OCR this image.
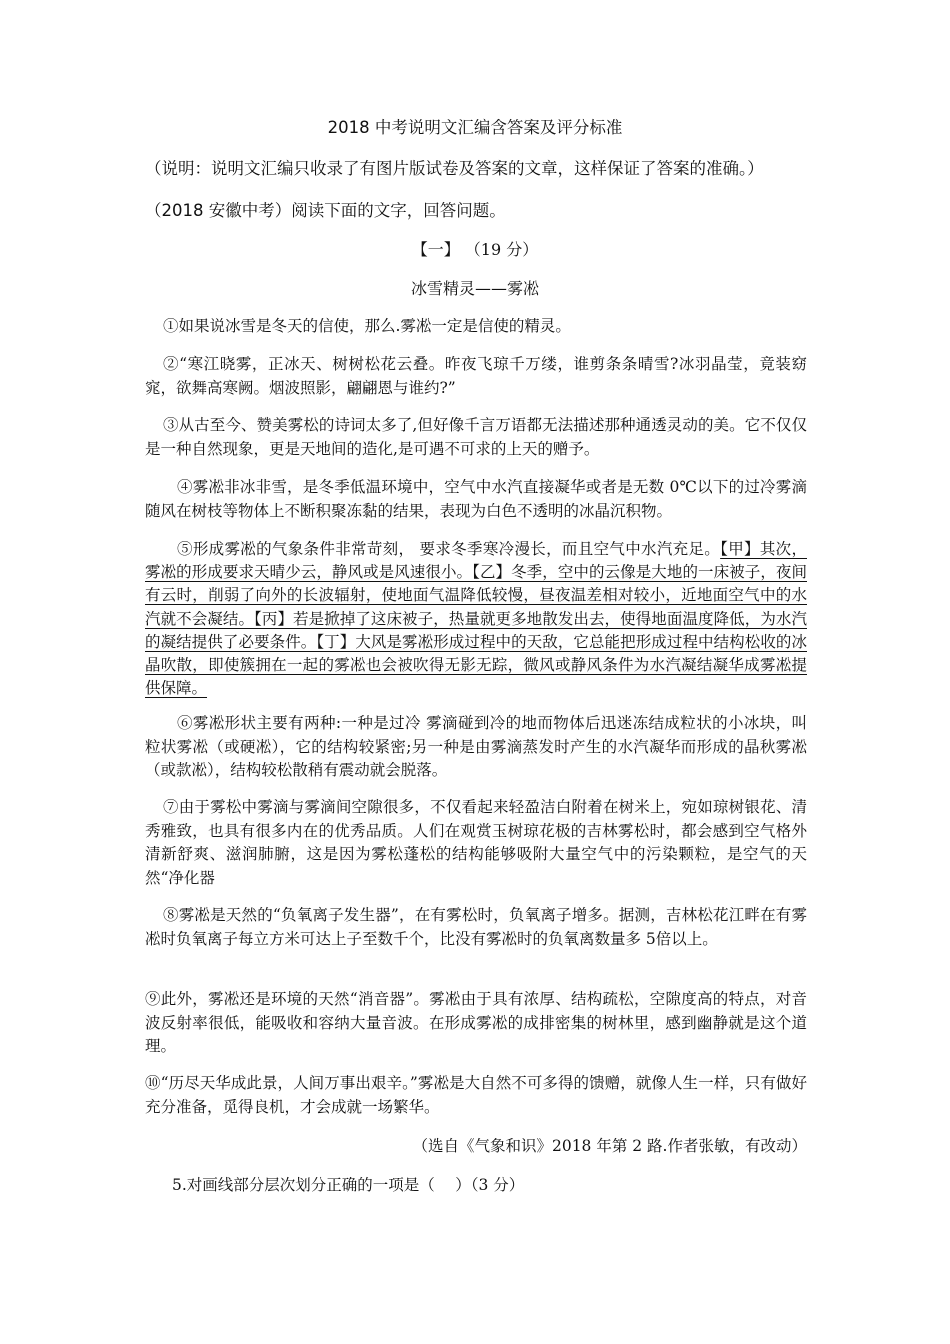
2018 中考说明文汇编含答案及评分标准
（说明：说明文汇编只收录了有图片版试卷及答案的文章，这样保证了答案的准确。）
（2018 安徽中考）阅读下面的文字，回答问题。
【一】 （19 分）
冰雪精灵——雾凇
①如果说冰雪是冬天的信使，那么.雾凇一定是信使的精灵。
②“寒江晓雾，正冰天、树树松花云叠。昨夜飞琼千万缕，谁剪条条晴雪?冰羽晶莹，竟装窈窕，欲舞高寒阙。烟波照影，翩翩恩与谁约?”
③从古至今、赞美雾松的诗词太多了,但好像千言万语都无法描述那种通透灵动的美。它不仅仅是一种自然现象，更是天地间的造化,是可遇不可求的上天的赠予。
④雾凇非冰非雪，是冬季低温环境中，空气中水汽直接凝华或者是无数 0℃以下的过冷雾滴随风在树枝等物体上不断积聚冻黏的结果，表现为白色不透明的冰晶沉积物。
⑤形成雾凇的气象条件非常苛刻， 要求冬季寒冷漫长，而且空气中水汽充足。【甲】其次，雾凇的形成要求天晴少云，静风或是风速很小。【乙】冬季，空中的云像是大地的一床被子，夜间有云时，削弱了向外的长波辐射，使地面气温降低较慢，昼夜温差相对较小，近地面空气中的水汽就不会凝结。【丙】若是掀掉了这床被子，热量就更多地散发出去，使得地面温度降低，为水汽的凝结提供了必要条件。【丁】大风是雾凇形成过程中的天敌，它总能把形成过程中结构松收的冰晶吹散，即使簇拥在一起的雾凇也会被吹得无影无踪，微风或静风条件为水汽凝结凝华成雾凇提供保障。
⑥雾凇形状主要有两种:一种是过冷 雾滴碰到冷的地而物体后迅迷冻结成粒状的小冰块，叫粒状雾凇（或硬凇），它的结构较紧密;另一种是由雾滴蒸发时产生的水汽凝华而形成的晶秋雾凇（或款凇），结构较松散稍有震动就会脱落。
⑦由于雾松中雾滴与雾滴间空隙很多，不仅看起来轻盈洁白附着在树米上，宛如琼树银花、清秀雅致，也具有很多内在的优秀品质。人们在观赏玉树琼花极的吉林雾松时，都会感到空气格外清新舒爽、滋润肺腑，这是因为雾松蓬松的结构能够吸附大量空气中的污染颗粒，是空气的天然“净化器
⑧雾凇是天然的“负氧离子发生器”，在有雾松时，负氧离子增多。据测，吉林松花江畔在有雾凇时负氧离子每立方米可达上子至数千个，比没有雾凇时的负氧离数量多 5倍以上。
⑨此外，雾凇还是环境的天然“消音器”。雾凇由于具有浓厚、结构疏松，空隙度高的特点，对音波反射率很低，能吸收和容纳大量音波。在形成雾凇的成排密集的树林里，感到幽静就是这个道理。
⑩“历尽天华成此景，人间万事出艰辛。”雾凇是大自然不可多得的馈赠，就像人生一样，只有做好充分准备，觅得良机，才会成就一场繁华。
（选自《气象和识》2018 年第 2 路.作者张敏，有改动）
5.对画线部分层次划分正确的一项是（　 ）（3 分）
